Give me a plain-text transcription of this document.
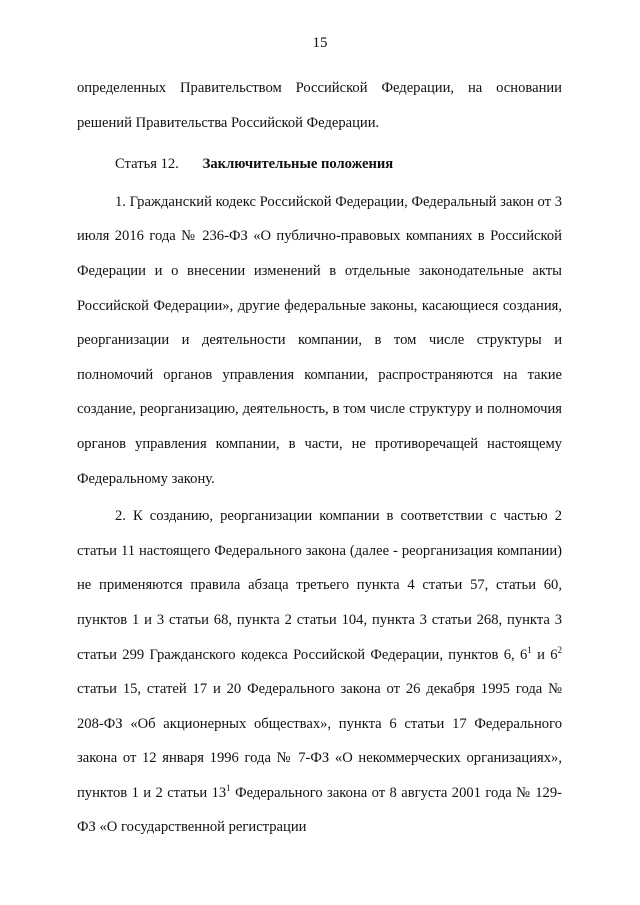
15

определенных Правительством Российской Федерации, на основании решений Правительства Российской Федерации.

Статья 12. Заключительные положения

1. Гражданский кодекс Российской Федерации, Федеральный закон от 3 июля 2016 года № 236-ФЗ «О публично-правовых компаниях в Российской Федерации и о внесении изменений в отдельные законодательные акты Российской Федерации», другие федеральные законы, касающиеся создания, реорганизации и деятельности компании, в том числе структуры и полномочий органов управления компании, распространяются на такие создание, реорганизацию, деятельность, в том числе структуру и полномочия органов управления компании, в части, не противоречащей настоящему Федеральному закону.

2. К созданию, реорганизации компании в соответствии с частью 2 статьи 11 настоящего Федерального закона (далее - реорганизация компании) не применяются правила абзаца третьего пункта 4 статьи 57, статьи 60, пунктов 1 и 3 статьи 68, пункта 2 статьи 104, пункта 3 статьи 268, пункта 3 статьи 299 Гражданского кодекса Российской Федерации, пунктов 6, $6^1$ и $6^2$ статьи 15, статей 17 и 20 Федерального закона от 26 декабря 1995 года № 208-ФЗ «Об акционерных обществах», пункта 6 статьи 17 Федерального закона от 12 января 1996 года № 7-ФЗ «О некоммерческих организациях», пунктов 1 и 2 статьи $13^1$ Федерального закона от 8 августа 2001 года № 129-ФЗ «О государственной регистрации
